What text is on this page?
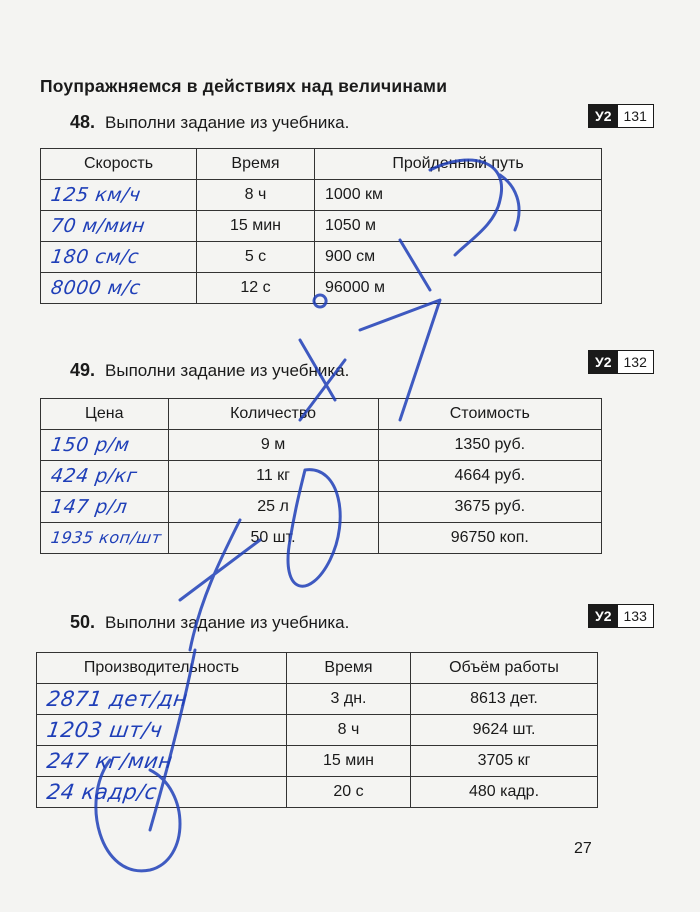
Поупражняемся в действиях над величинами
48. Выполни задание из учебника.	У2 131
Скорость	Время	Пройденный путь
125 км/ч	8 ч	1000 км
70 м/мин	15 мин	1050 м
180 см/с	5 с	900 см
8000 м/с	12 с	96000 м
49. Выполни задание из учебника.	У2 132
Цена	Количество	Стоимость
150 р/м	9 м	1350 руб.
424 р/кг	11 кг	4664 руб.
147 р/л	25 л	3675 руб.
1935 коп/шт	50 шт.	96750 коп.
50. Выполни задание из учебника.	У2 133
Производительность	Время	Объём работы
2871 дет/дн	3 дн.	8613 дет.
1203 шт/ч	8 ч	9624 шт.
247 кг/мин	15 мин	3705 кг
24 кадр/с	20 с	480 кадр.
27
